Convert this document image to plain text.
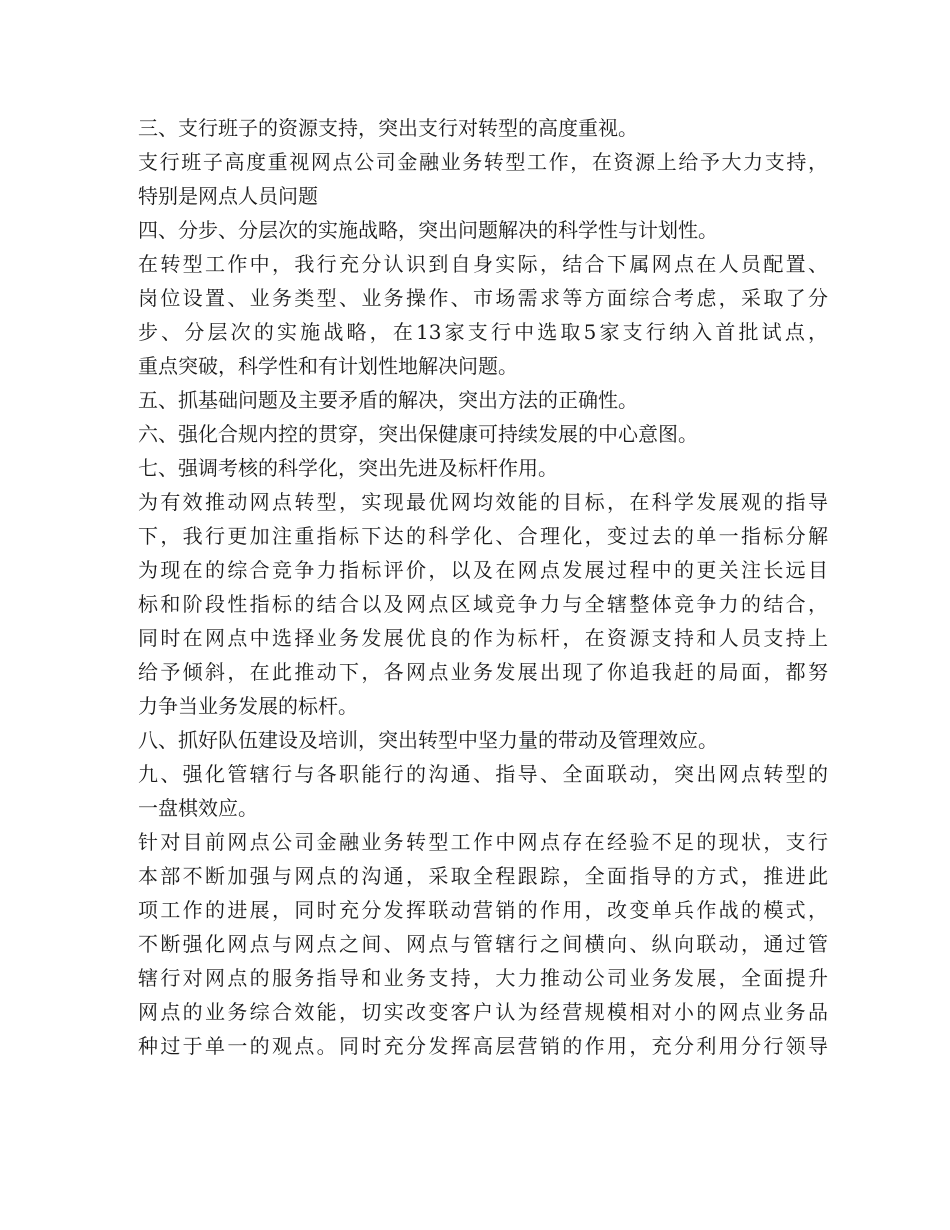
三、支行班子的资源支持，突出支行对转型的高度重视。
支行班子高度重视网点公司金融业务转型工作，在资源上给予大力支持，
特别是网点人员问题
四、分步、分层次的实施战略，突出问题解决的科学性与计划性。
在转型工作中，我行充分认识到自身实际，结合下属网点在人员配置、
岗位设置、业务类型、业务操作、市场需求等方面综合考虑，采取了分
步、分层次的实施战略，在13家支行中选取5家支行纳入首批试点，
重点突破，科学性和有计划性地解决问题。
五、抓基础问题及主要矛盾的解决，突出方法的正确性。
六、强化合规内控的贯穿，突出保健康可持续发展的中心意图。
七、强调考核的科学化，突出先进及标杆作用。
为有效推动网点转型，实现最优网均效能的目标，在科学发展观的指导
下，我行更加注重指标下达的科学化、合理化，变过去的单一指标分解
为现在的综合竞争力指标评价，以及在网点发展过程中的更关注长远目
标和阶段性指标的结合以及网点区域竞争力与全辖整体竞争力的结合，
同时在网点中选择业务发展优良的作为标杆，在资源支持和人员支持上
给予倾斜，在此推动下，各网点业务发展出现了你追我赶的局面，都努
力争当业务发展的标杆。
八、抓好队伍建设及培训，突出转型中坚力量的带动及管理效应。
九、强化管辖行与各职能行的沟通、指导、全面联动，突出网点转型的
一盘棋效应。
针对目前网点公司金融业务转型工作中网点存在经验不足的现状，支行
本部不断加强与网点的沟通，采取全程跟踪，全面指导的方式，推进此
项工作的进展，同时充分发挥联动营销的作用，改变单兵作战的模式，
不断强化网点与网点之间、网点与管辖行之间横向、纵向联动，通过管
辖行对网点的服务指导和业务支持，大力推动公司业务发展，全面提升
网点的业务综合效能，切实改变客户认为经营规模相对小的网点业务品
种过于单一的观点。同时充分发挥高层营销的作用，充分利用分行领导
